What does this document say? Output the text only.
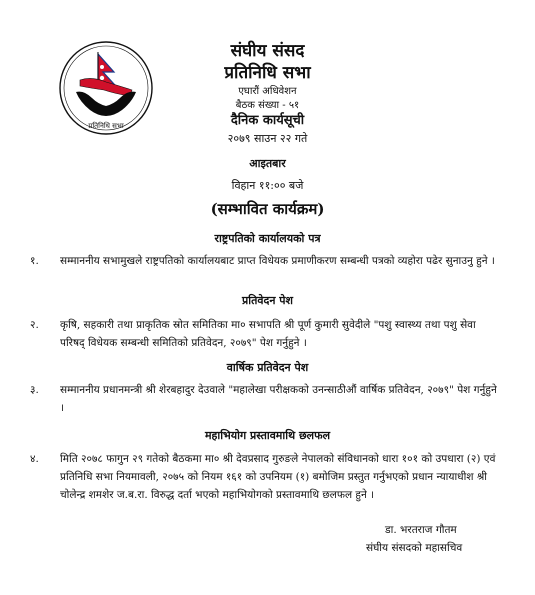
प्रतिनिधि सभा
संघीय संसद
प्रतिनिधि सभा
एघारौं अधिवेशन
बैठक संख्या - ५१
दैनिक कार्यसूची
२०७९ साउन २२ गते
आइतबार
विहान ११:०० बजे
(सम्भावित कार्यक्रम)
राष्ट्रपतिको कार्यालयको पत्र
१. सम्माननीय सभामुखले राष्ट्रपतिको कार्यालयबाट प्राप्त विधेयक प्रमाणीकरण सम्बन्धी पत्रको व्यहोरा पढेर सुनाउनु हुने ।
प्रतिवेदन पेश
२. कृषि, सहकारी तथा प्राकृतिक स्रोत समितिका मा० सभापति श्री पूर्ण कुमारी सुवेदीले "पशु स्वास्थ्य तथा पशु सेवा परिषद् विधेयक सम्बन्धी समितिको प्रतिवेदन, २०७९" पेश गर्नुहुने ।
वार्षिक प्रतिवेदन पेश
३. सम्माननीय प्रधानमन्त्री श्री शेरबहादुर देउवाले "महालेखा परीक्षकको उनन्साठीऔं वार्षिक प्रतिवेदन, २०७९" पेश गर्नुहुने ।
महाभियोग प्रस्तावमाथि छलफल
४. मिति २०७८ फागुन २९ गतेको बैठकमा मा० श्री देवप्रसाद गुरुङले नेपालको संविधानको धारा १०१ को उपधारा (२) एवं प्रतिनिधि सभा नियमावली, २०७५ को नियम १६१ को उपनियम (१) बमोजिम प्रस्तुत गर्नुभएको प्रधान न्यायाधीश श्री चोलेन्द्र शमशेर ज.ब.रा. विरुद्ध दर्ता भएको महाभियोगको प्रस्तावमाथि छलफल हुने ।
डा. भरतराज गौतम
संघीय संसदको महासचिव
